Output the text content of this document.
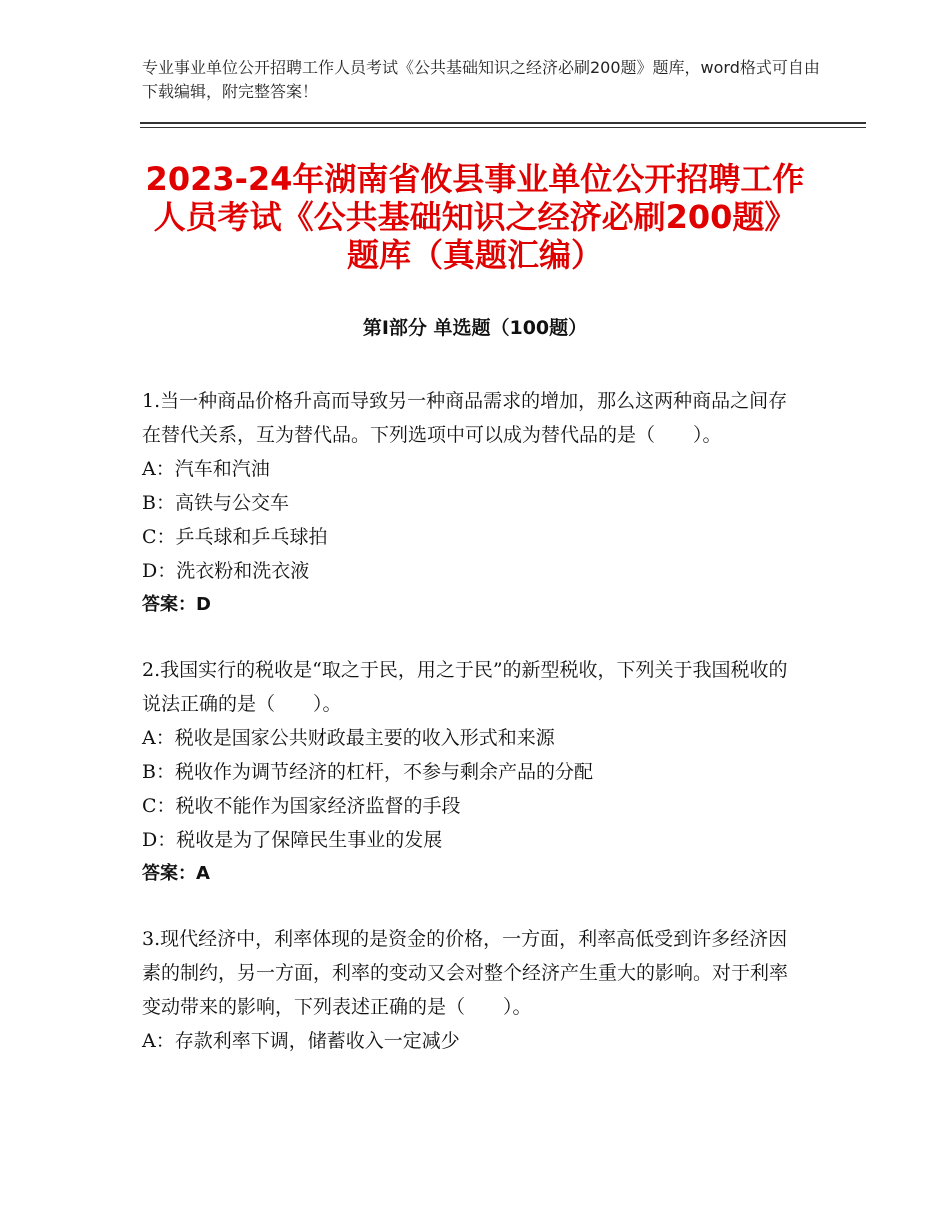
专业事业单位公开招聘工作人员考试《公共基础知识之经济必刷200题》题库，word格式可自由下载编辑，附完整答案！
2023-24年湖南省攸县事业单位公开招聘工作人员考试《公共基础知识之经济必刷200题》题库（真题汇编）
第Ⅰ部分 单选题（100题）

1.当一种商品价格升高而导致另一种商品需求的增加，那么这两种商品之间存在替代关系，互为替代品。下列选项中可以成为替代品的是（　　）。

A：汽车和汽油

B：高铁与公交车

C：乒乓球和乒乓球拍

D：洗衣粉和洗衣液

答案：D

2.我国实行的税收是“取之于民，用之于民”的新型税收，下列关于我国税收的说法正确的是（　　）。

A：税收是国家公共财政最主要的收入形式和来源

B：税收作为调节经济的杠杆，不参与剩余产品的分配

C：税收不能作为国家经济监督的手段

D：税收是为了保障民生事业的发展

答案：A

3.现代经济中，利率体现的是资金的价格，一方面，利率高低受到许多经济因素的制约，另一方面，利率的变动又会对整个经济产生重大的影响。对于利率变动带来的影响，下列表述正确的是（　　）。

A：存款利率下调，储蓄收入一定减少
